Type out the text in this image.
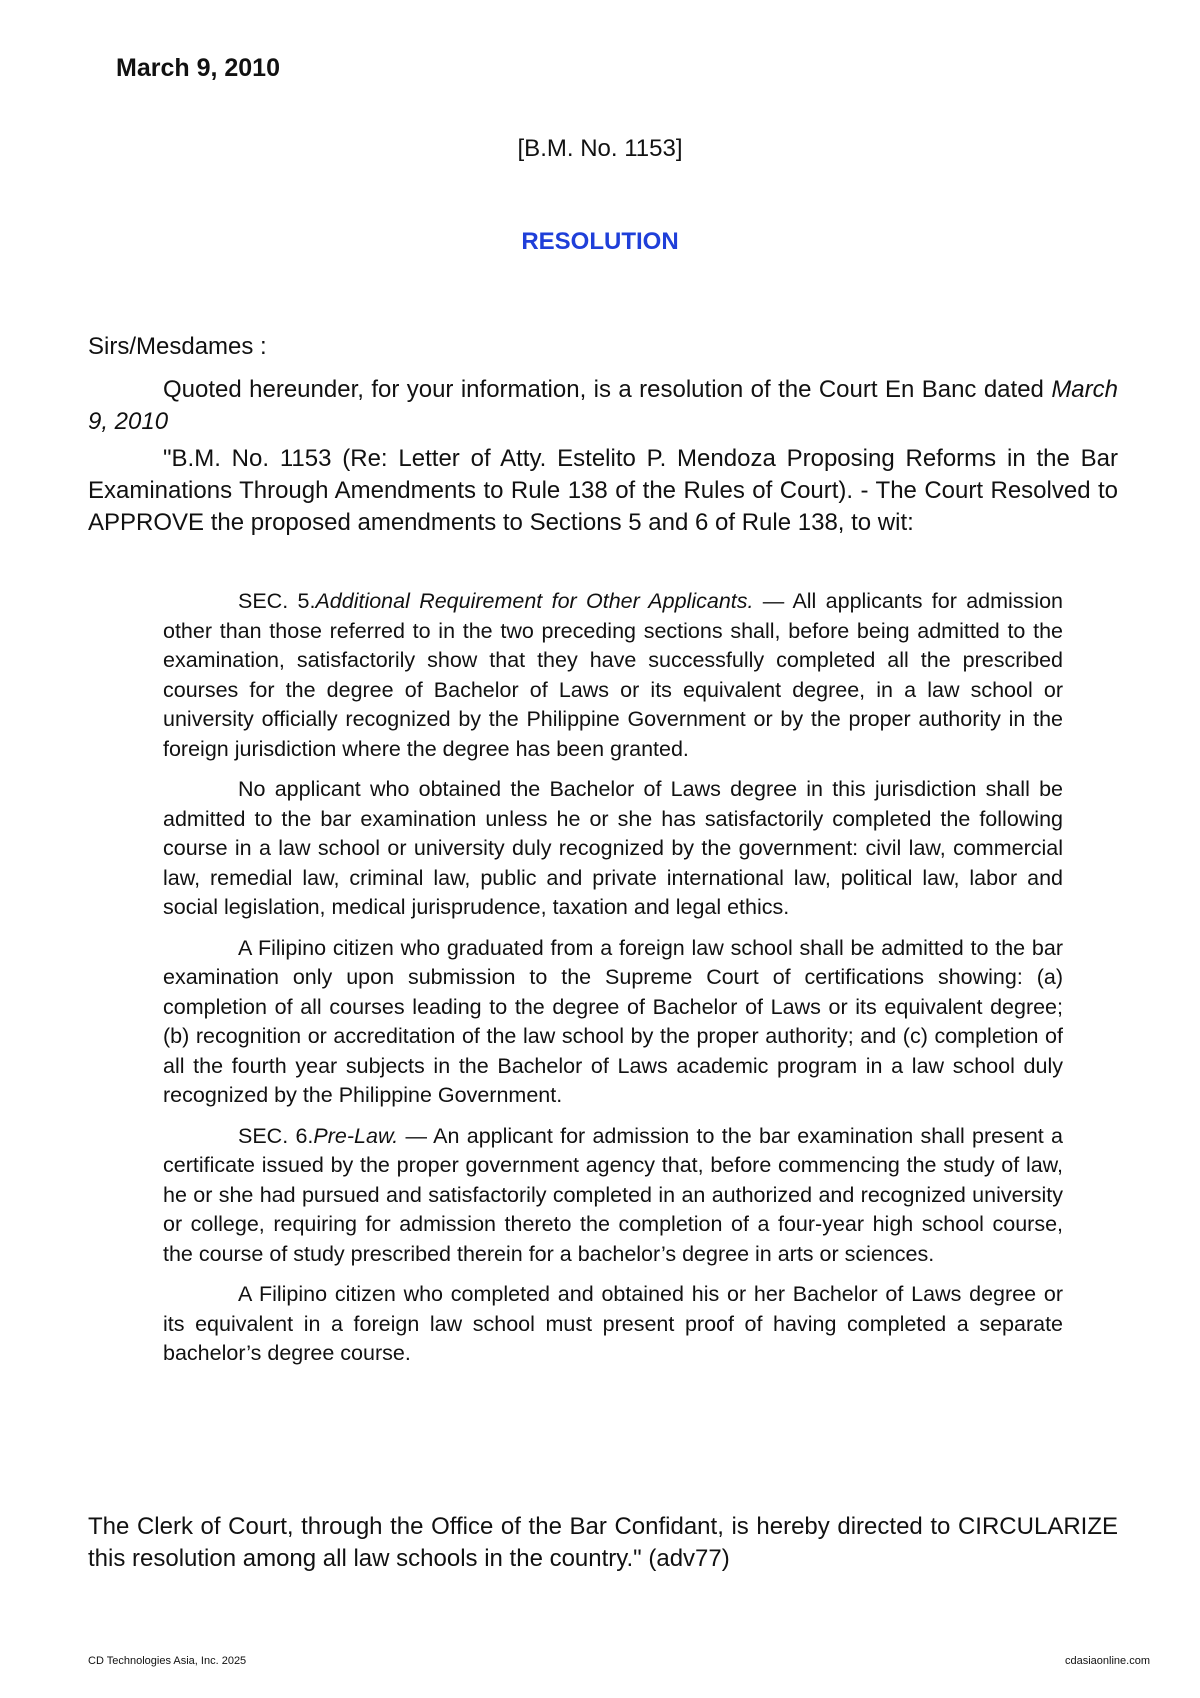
March 9, 2010
[B.M. No. 1153]
RESOLUTION

Sirs/Mesdames :

Quoted hereunder, for your information, is a resolution of the Court En Banc dated March 9, 2010

"B.M. No. 1153 (Re: Letter of Atty. Estelito P. Mendoza Proposing Reforms in the Bar Examinations Through Amendments to Rule 138 of the Rules of Court). - The Court Resolved to APPROVE the proposed amendments to Sections 5 and 6 of Rule 138, to wit:

SEC. 5.Additional Requirement for Other Applicants. — All applicants for admission other than those referred to in the two preceding sections shall, before being admitted to the examination, satisfactorily show that they have successfully completed all the prescribed courses for the degree of Bachelor of Laws or its equivalent degree, in a law school or university officially recognized by the Philippine Government or by the proper authority in the foreign jurisdiction where the degree has been granted.

No applicant who obtained the Bachelor of Laws degree in this jurisdiction shall be admitted to the bar examination unless he or she has satisfactorily completed the following course in a law school or university duly recognized by the government: civil law, commercial law, remedial law, criminal law, public and private international law, political law, labor and social legislation, medical jurisprudence, taxation and legal ethics.

A Filipino citizen who graduated from a foreign law school shall be admitted to the bar examination only upon submission to the Supreme Court of certifications showing: (a) completion of all courses leading to the degree of Bachelor of Laws or its equivalent degree; (b) recognition or accreditation of the law school by the proper authority; and (c) completion of all the fourth year subjects in the Bachelor of Laws academic program in a law school duly recognized by the Philippine Government.

SEC. 6.Pre-Law. — An applicant for admission to the bar examination shall present a certificate issued by the proper government agency that, before commencing the study of law, he or she had pursued and satisfactorily completed in an authorized and recognized university or college, requiring for admission thereto the completion of a four-year high school course, the course of study prescribed therein for a bachelor’s degree in arts or sciences.

A Filipino citizen who completed and obtained his or her Bachelor of Laws degree or its equivalent in a foreign law school must present proof of having completed a separate bachelor’s degree course.

The Clerk of Court, through the Office of the Bar Confidant, is hereby directed to CIRCULARIZE this resolution among all law schools in the country." (adv77)

CD Technologies Asia, Inc. 2025	cdasiaonline.com
